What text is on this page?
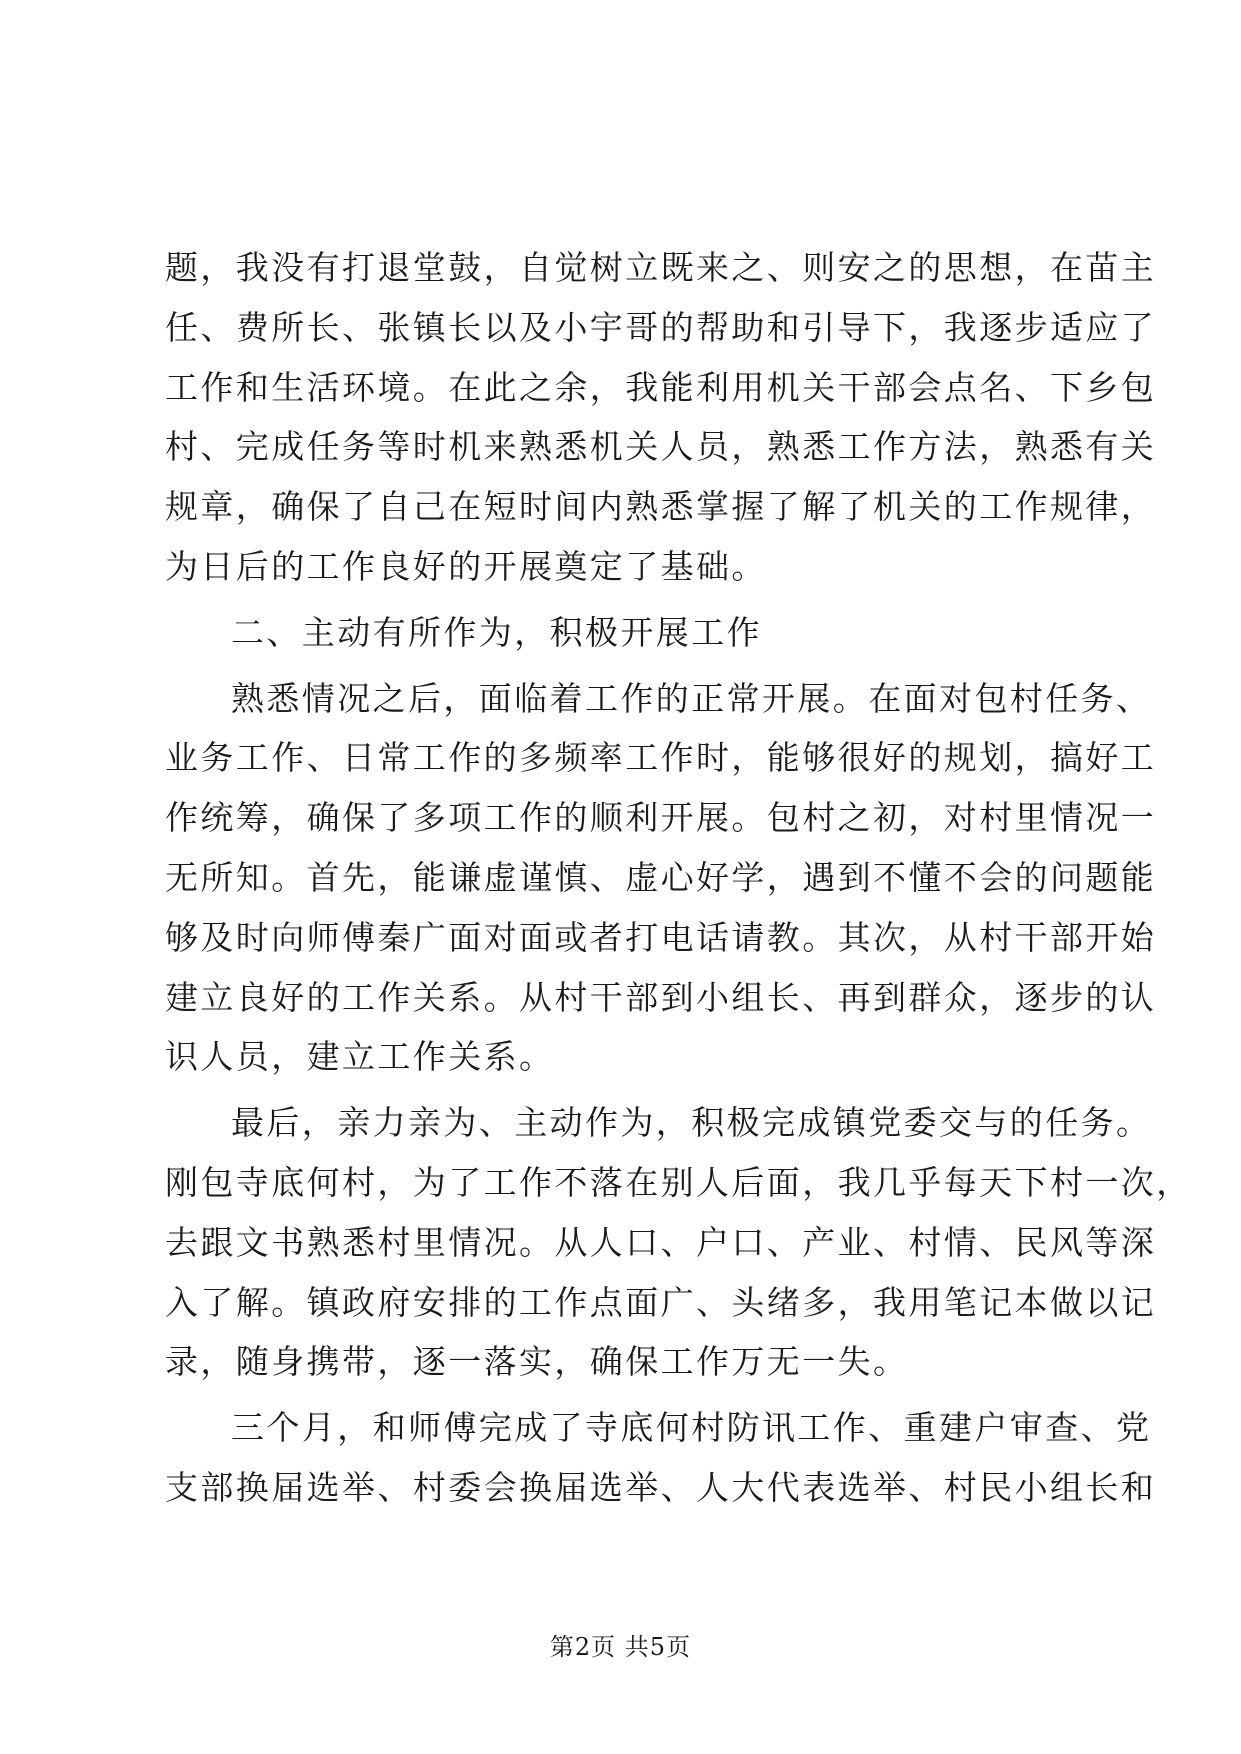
题，我没有打退堂鼓，自觉树立既来之、则安之的思想，在苗主
任、费所长、张镇长以及小宇哥的帮助和引导下，我逐步适应了
工作和生活环境。在此之余，我能利用机关干部会点名、下乡包
村、完成任务等时机来熟悉机关人员，熟悉工作方法，熟悉有关
规章，确保了自己在短时间内熟悉掌握了解了机关的工作规律，
为日后的工作良好的开展奠定了基础。
二、主动有所作为，积极开展工作
熟悉情况之后，面临着工作的正常开展。在面对包村任务、
业务工作、日常工作的多频率工作时，能够很好的规划，搞好工
作统筹，确保了多项工作的顺利开展。包村之初，对村里情况一
无所知。首先，能谦虚谨慎、虚心好学，遇到不懂不会的问题能
够及时向师傅秦广面对面或者打电话请教。其次，从村干部开始
建立良好的工作关系。从村干部到小组长、再到群众，逐步的认
识人员，建立工作关系。
最后，亲力亲为、主动作为，积极完成镇党委交与的任务。
刚包寺底何村，为了工作不落在别人后面，我几乎每天下村一次，
去跟文书熟悉村里情况。从人口、户口、产业、村情、民风等深
入了解。镇政府安排的工作点面广、头绪多，我用笔记本做以记
录，随身携带，逐一落实，确保工作万无一失。
三个月，和师傅完成了寺底何村防讯工作、重建户审查、党
支部换届选举、村委会换届选举、人大代表选举、村民小组长和
第2页 共5页
